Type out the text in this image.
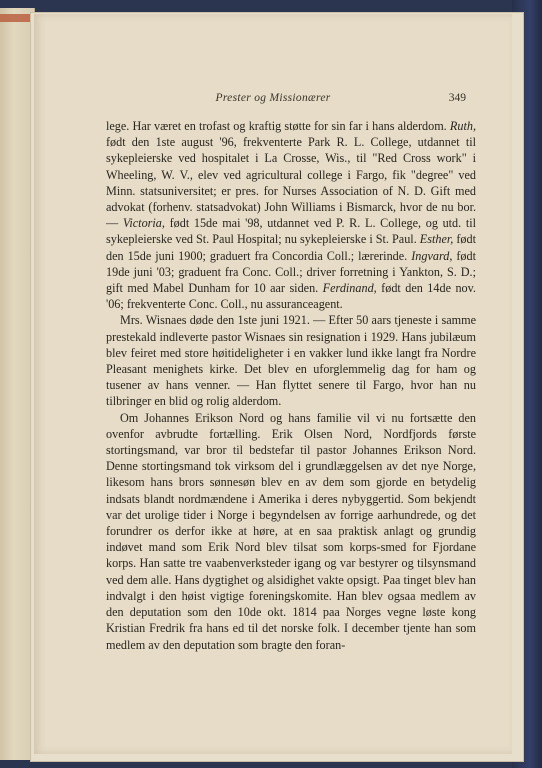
Prester og Missionærer	349

lege. Har været en trofast og kraftig støtte for sin far i hans alderdom. Ruth, født den 1ste august '96, frekventerte Park R. L. College, utdannet til sykepleierske ved hospitalet i La Crosse, Wis., til "Red Cross work" i Wheeling, W. V., elev ved agricultural college i Fargo, fik "degree" ved Minn. statsuniversitet; er pres. for Nurses Association of N. D. Gift med advokat (forhenv. statsadvokat) John Williams i Bismarck, hvor de nu bor. — Victoria, født 15de mai '98, utdannet ved P. R. L. College, og utd. til sykepleierske ved St. Paul Hospital; nu sykepleierske i St. Paul. Esther, født den 15de juni 1900; graduert fra Concordia Coll.; lærerinde. Ingvard, født 19de juni '03; graduent fra Conc. Coll.; driver forretning i Yankton, S. D.; gift med Mabel Dunham for 10 aar siden. Ferdinand, født den 14de nov. '06; frekventerte Conc. Coll., nu assuranceagent.

Mrs. Wisnaes døde den 1ste juni 1921. — Efter 50 aars tjeneste i samme prestekald indleverte pastor Wisnaes sin resignation i 1929. Hans jubilæum blev feiret med store høitideligheter i en vakker lund ikke langt fra Nordre Pleasant menighets kirke. Det blev en uforglemmelig dag for ham og tusener av hans venner. — Han flyttet senere til Fargo, hvor han nu tilbringer en blid og rolig alderdom.

Om Johannes Erikson Nord og hans familie vil vi nu fortsætte den ovenfor avbrudte fortælling. Erik Olsen Nord, Nordfjords første stortingsmand, var bror til bedstefar til pastor Johannes Erikson Nord. Denne stortingsmand tok virksom del i grundlæggelsen av det nye Norge, likesom hans brors sønnesøn blev en av dem som gjorde en betydelig indsats blandt nordmændene i Amerika i deres nybyggertid. Som bekjendt var det urolige tider i Norge i begyndelsen av forrige aarhundrede, og det forundrer os derfor ikke at høre, at en saa praktisk anlagt og grundig indøvet mand som Erik Nord blev tilsat som korps-smed for Fjordane korps. Han satte tre vaabenverksteder igang og var bestyrer og tilsynsmand ved dem alle. Hans dygtighet og alsidighet vakte opsigt. Paa tinget blev han indvalgt i den høist vigtige foreningskomite. Han blev ogsaa medlem av den deputation som den 10de okt. 1814 paa Norges vegne løste kong Kristian Fredrik fra hans ed til det norske folk. I december tjente han som medlem av den deputation som bragte den foran-
